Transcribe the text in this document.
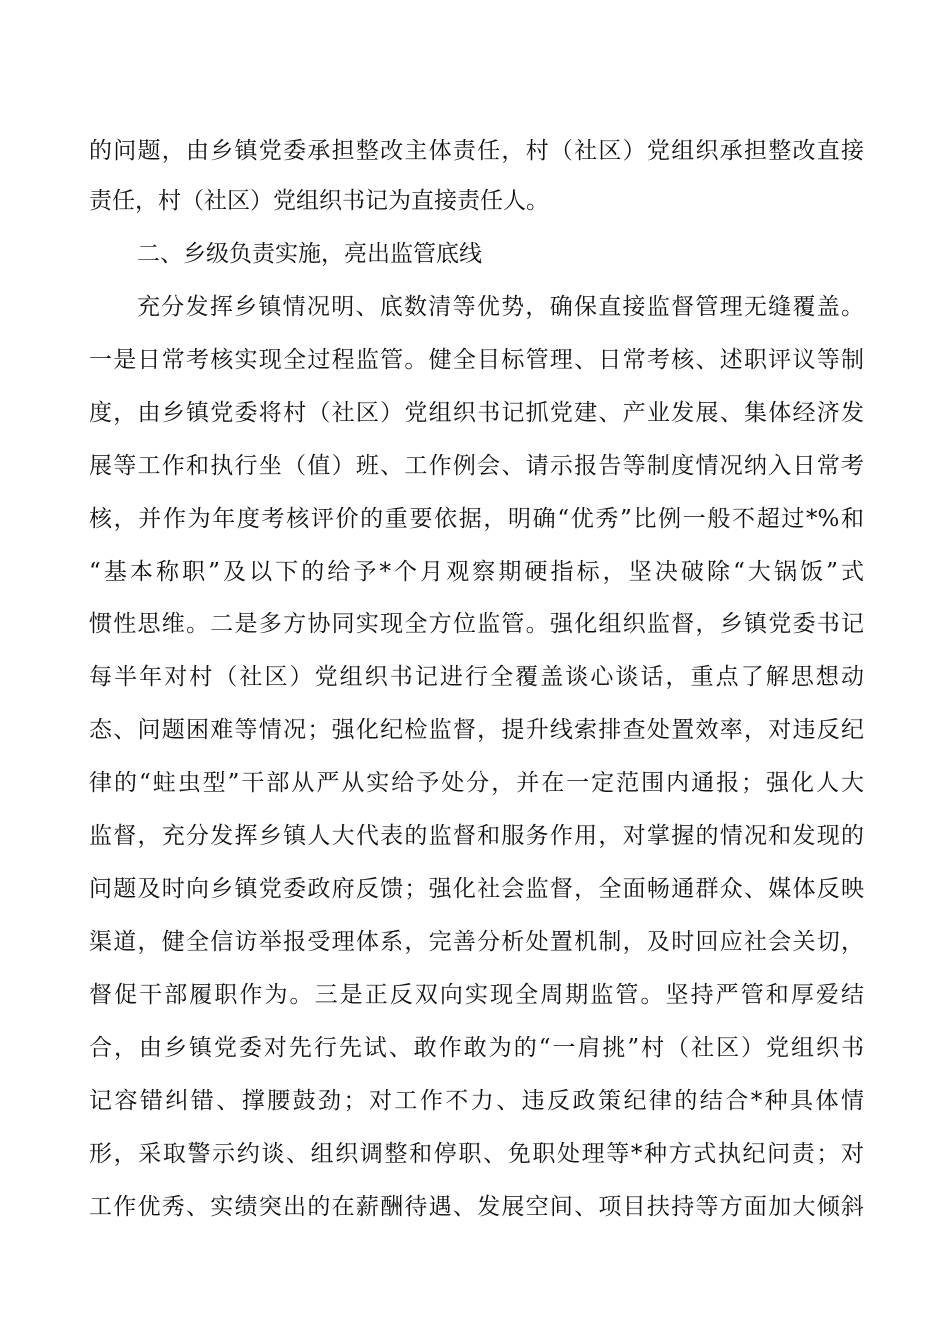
的问题，由乡镇党委承担整改主体责任，村（社区）党组织承担整改直接
责任，村（社区）党组织书记为直接责任人。
二、乡级负责实施，亮出监管底线
充分发挥乡镇情况明、底数清等优势，确保直接监督管理无缝覆盖。
一是日常考核实现全过程监管。健全目标管理、日常考核、述职评议等制
度，由乡镇党委将村（社区）党组织书记抓党建、产业发展、集体经济发
展等工作和执行坐（值）班、工作例会、请示报告等制度情况纳入日常考
核，并作为年度考核评价的重要依据，明确“优秀”比例一般不超过*%和
“基本称职”及以下的给予*个月观察期硬指标，坚决破除“大锅饭”式
惯性思维。二是多方协同实现全方位监管。强化组织监督，乡镇党委书记
每半年对村（社区）党组织书记进行全覆盖谈心谈话，重点了解思想动
态、问题困难等情况；强化纪检监督，提升线索排查处置效率，对违反纪
律的“蛀虫型”干部从严从实给予处分，并在一定范围内通报；强化人大
监督，充分发挥乡镇人大代表的监督和服务作用，对掌握的情况和发现的
问题及时向乡镇党委政府反馈；强化社会监督，全面畅通群众、媒体反映
渠道，健全信访举报受理体系，完善分析处置机制，及时回应社会关切，
督促干部履职作为。三是正反双向实现全周期监管。坚持严管和厚爱结
合，由乡镇党委对先行先试、敢作敢为的“一肩挑”村（社区）党组织书
记容错纠错、撑腰鼓劲；对工作不力、违反政策纪律的结合*种具体情
形，采取警示约谈、组织调整和停职、免职处理等*种方式执纪问责；对
工作优秀、实绩突出的在薪酬待遇、发展空间、项目扶持等方面加大倾斜
